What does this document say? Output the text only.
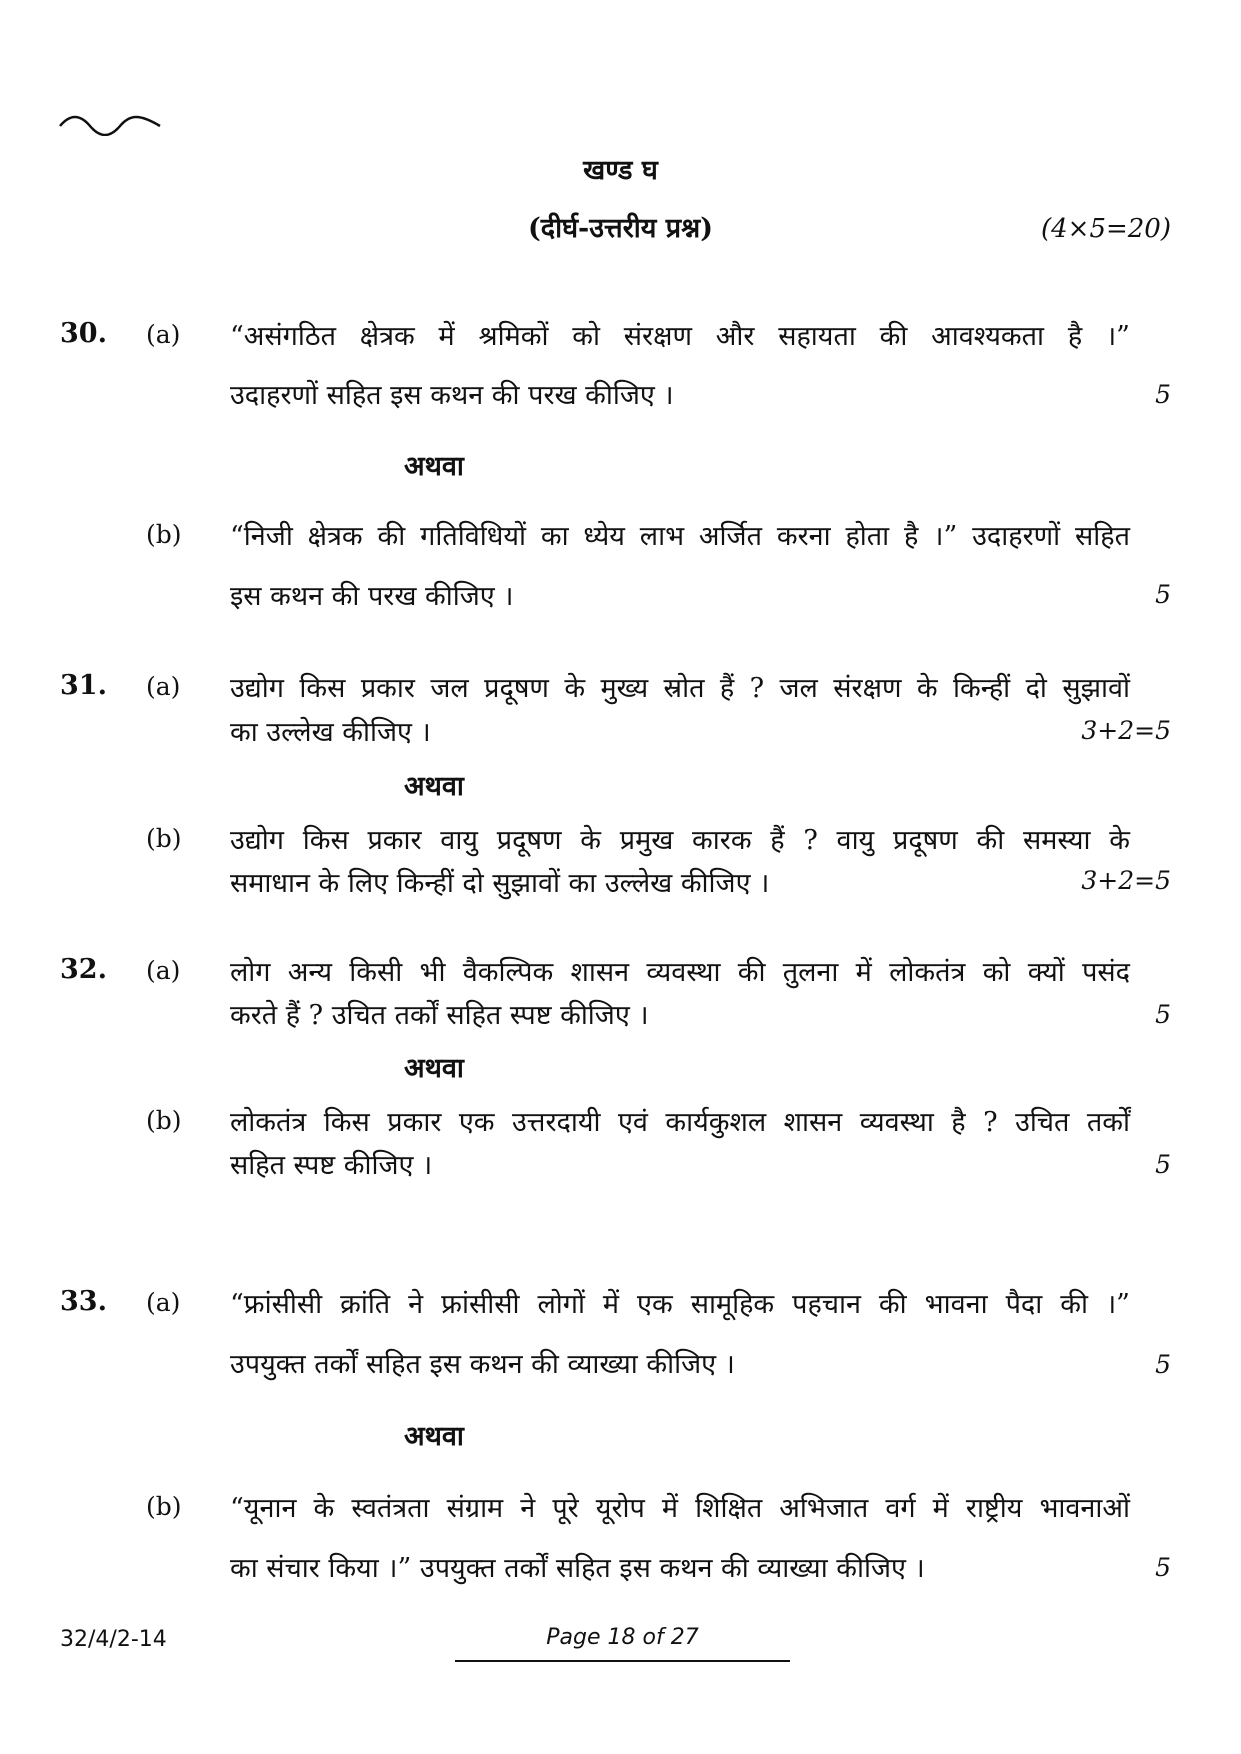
खण्ड घ
(दीर्घ-उत्तरीय प्रश्न)	(4×5=20)
30. (a) “असंगठित क्षेत्रक में श्रमिकों को संरक्षण और सहायता की आवश्यकता है ।”
उदाहरणों सहित इस कथन की परख कीजिए ।	5
अथवा
(b) “निजी क्षेत्रक की गतिविधियों का ध्येय लाभ अर्जित करना होता है ।” उदाहरणों सहित
इस कथन की परख कीजिए ।	5
31. (a) उद्योग किस प्रकार जल प्रदूषण के मुख्य स्रोत हैं ? जल संरक्षण के किन्हीं दो सुझावों
का उल्लेख कीजिए ।	3+2=5
अथवा
(b) उद्योग किस प्रकार वायु प्रदूषण के प्रमुख कारक हैं ? वायु प्रदूषण की समस्या के
समाधान के लिए किन्हीं दो सुझावों का उल्लेख कीजिए ।	3+2=5
32. (a) लोग अन्य किसी भी वैकल्पिक शासन व्यवस्था की तुलना में लोकतंत्र को क्यों पसंद
करते हैं ? उचित तर्कों सहित स्पष्ट कीजिए ।	5
अथवा
(b) लोकतंत्र किस प्रकार एक उत्तरदायी एवं कार्यकुशल शासन व्यवस्था है ? उचित तर्कों
सहित स्पष्ट कीजिए ।	5
33. (a) “फ्रांसीसी क्रांति ने फ्रांसीसी लोगों में एक सामूहिक पहचान की भावना पैदा की ।”
उपयुक्त तर्कों सहित इस कथन की व्याख्या कीजिए ।	5
अथवा
(b) “यूनान के स्वतंत्रता संग्राम ने पूरे यूरोप में शिक्षित अभिजात वर्ग में राष्ट्रीय भावनाओं
का संचार किया ।” उपयुक्त तर्कों सहित इस कथन की व्याख्या कीजिए ।	5
32/4/2-14	Page 18 of 27
